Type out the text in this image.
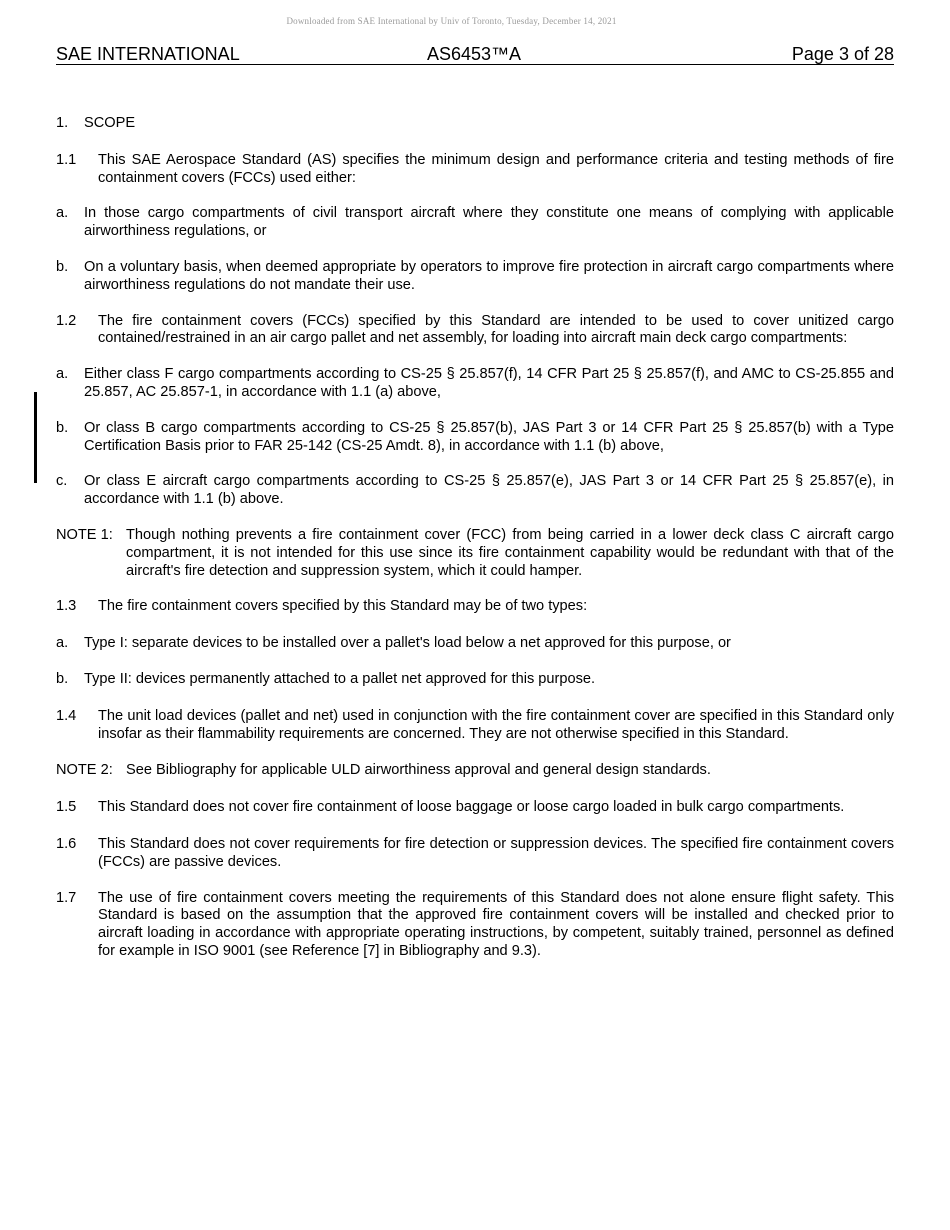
Downloaded from SAE International by Univ of Toronto, Tuesday, December 14, 2021
SAE INTERNATIONAL	AS6453™A	Page 3 of 28
1. SCOPE
1.1 This SAE Aerospace Standard (AS) specifies the minimum design and performance criteria and testing methods of fire containment covers (FCCs) used either:
a. In those cargo compartments of civil transport aircraft where they constitute one means of complying with applicable airworthiness regulations, or
b. On a voluntary basis, when deemed appropriate by operators to improve fire protection in aircraft cargo compartments where airworthiness regulations do not mandate their use.
1.2 The fire containment covers (FCCs) specified by this Standard are intended to be used to cover unitized cargo contained/restrained in an air cargo pallet and net assembly, for loading into aircraft main deck cargo compartments:
a. Either class F cargo compartments according to CS-25 § 25.857(f), 14 CFR Part 25 § 25.857(f), and AMC to CS-25.855 and 25.857, AC 25.857-1, in accordance with 1.1 (a) above,
b. Or class B cargo compartments according to CS-25 § 25.857(b), JAS Part 3 or 14 CFR Part 25 § 25.857(b) with a Type Certification Basis prior to FAR 25-142 (CS-25 Amdt. 8), in accordance with 1.1 (b) above,
c. Or class E aircraft cargo compartments according to CS-25 § 25.857(e), JAS Part 3 or 14 CFR Part 25 § 25.857(e), in accordance with 1.1 (b) above.
NOTE 1: Though nothing prevents a fire containment cover (FCC) from being carried in a lower deck class C aircraft cargo compartment, it is not intended for this use since its fire containment capability would be redundant with that of the aircraft's fire detection and suppression system, which it could hamper.
1.3 The fire containment covers specified by this Standard may be of two types:
a. Type I: separate devices to be installed over a pallet's load below a net approved for this purpose, or
b. Type II: devices permanently attached to a pallet net approved for this purpose.
1.4 The unit load devices (pallet and net) used in conjunction with the fire containment cover are specified in this Standard only insofar as their flammability requirements are concerned. They are not otherwise specified in this Standard.
NOTE 2: See Bibliography for applicable ULD airworthiness approval and general design standards.
1.5 This Standard does not cover fire containment of loose baggage or loose cargo loaded in bulk cargo compartments.
1.6 This Standard does not cover requirements for fire detection or suppression devices. The specified fire containment covers (FCCs) are passive devices.
1.7 The use of fire containment covers meeting the requirements of this Standard does not alone ensure flight safety. This Standard is based on the assumption that the approved fire containment covers will be installed and checked prior to aircraft loading in accordance with appropriate operating instructions, by competent, suitably trained, personnel as defined for example in ISO 9001 (see Reference [7] in Bibliography and 9.3).
